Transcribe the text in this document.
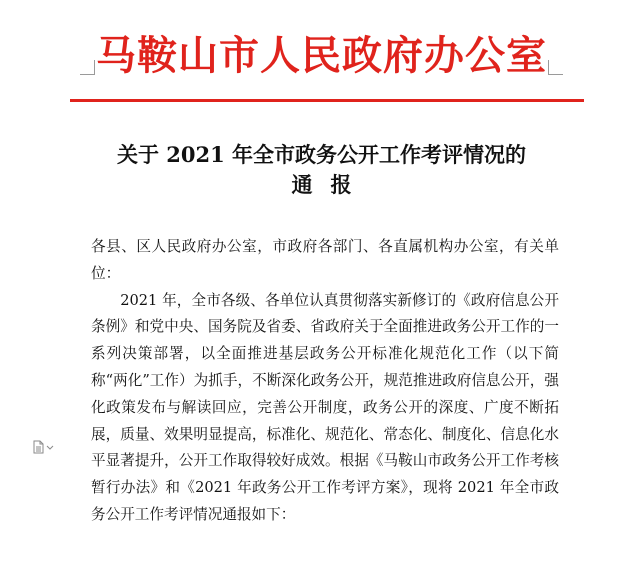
马鞍山市人民政府办公室
关于 2021 年全市政务公开工作考评情况的
通报

各县、区人民政府办公室，市政府各部门、各直属机构办公室，有关单位：

2021 年，全市各级、各单位认真贯彻落实新修订的《政府信息公开条例》和党中央、国务院及省委、省政府关于全面推进政务公开工作的一系列决策部署，以全面推进基层政务公开标准化规范化工作（以下简称“两化”工作）为抓手，不断深化政务公开，规范推进政府信息公开，强化政策发布与解读回应，完善公开制度，政务公开的深度、广度不断拓展，质量、效果明显提高，标准化、规范化、常态化、制度化、信息化水平显著提升，公开工作取得较好成效。根据《马鞍山市政务公开工作考核暂行办法》和《2021 年政务公开工作考评方案》，现将 2021 年全市政务公开工作考评情况通报如下：
